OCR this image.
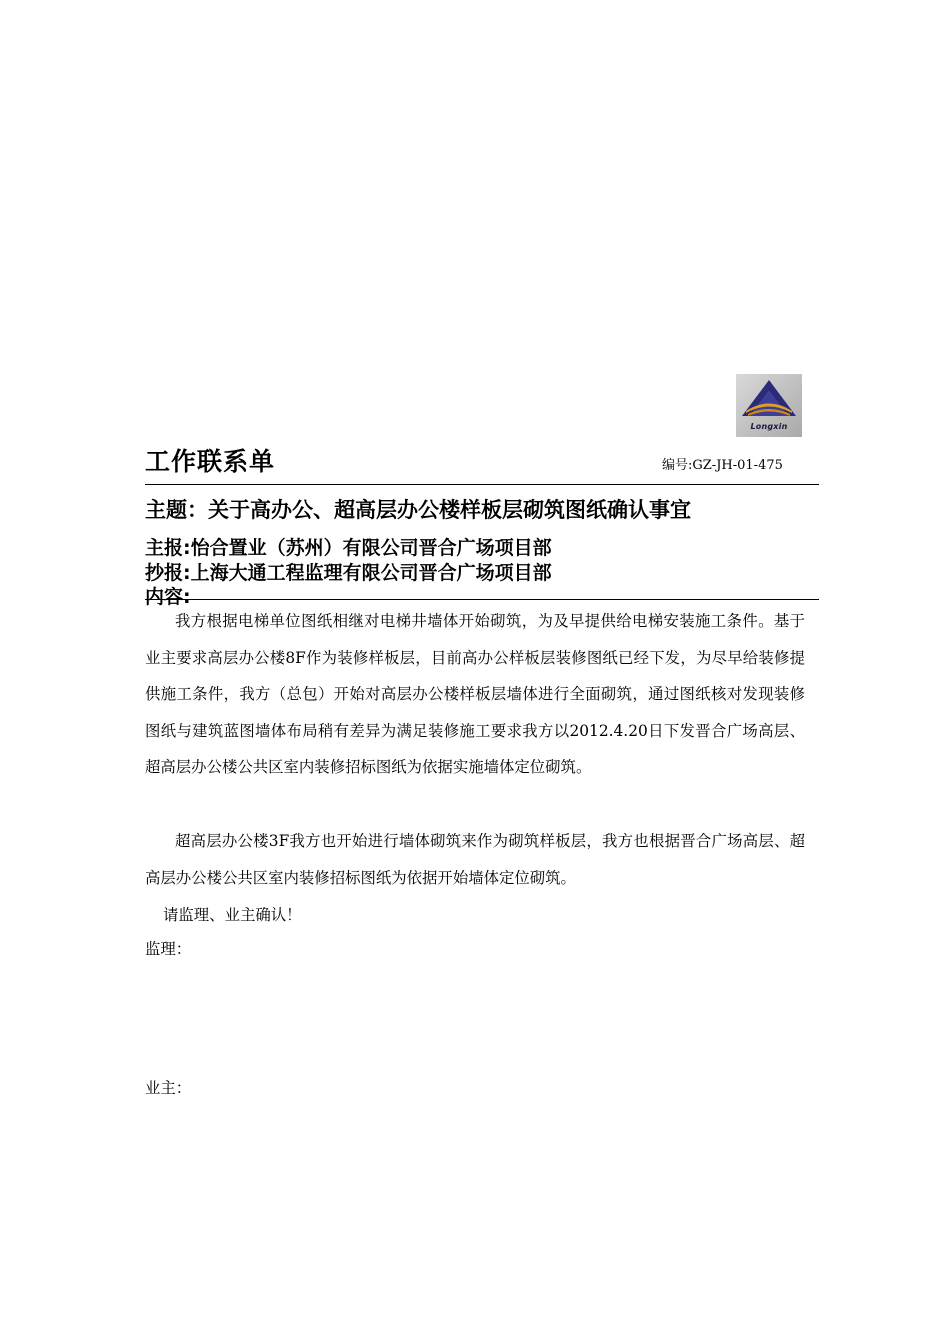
Longxin
工作联系单	编号:GZ-JH-01-475
主题：关于高办公、超高层办公楼样板层砌筑图纸确认事宜
主报:怡合置业（苏州）有限公司晋合广场项目部
抄报:上海大通工程监理有限公司晋合广场项目部
内容:
我方根据电梯单位图纸相继对电梯井墙体开始砌筑，为及早提供给电梯安装施工条件。基于业主要求高层办公楼8F作为装修样板层，目前高办公样板层装修图纸已经下发，为尽早给装修提供施工条件，我方（总包）开始对高层办公楼样板层墙体进行全面砌筑，通过图纸核对发现装修图纸与建筑蓝图墙体布局稍有差异为满足装修施工要求我方以2012.4.20日下发晋合广场高层、超高层办公楼公共区室内装修招标图纸为依据实施墙体定位砌筑。
超高层办公楼3F我方也开始进行墙体砌筑来作为砌筑样板层，我方也根据晋合广场高层、超高层办公楼公共区室内装修招标图纸为依据开始墙体定位砌筑。
请监理、业主确认！
监理：
业主：
